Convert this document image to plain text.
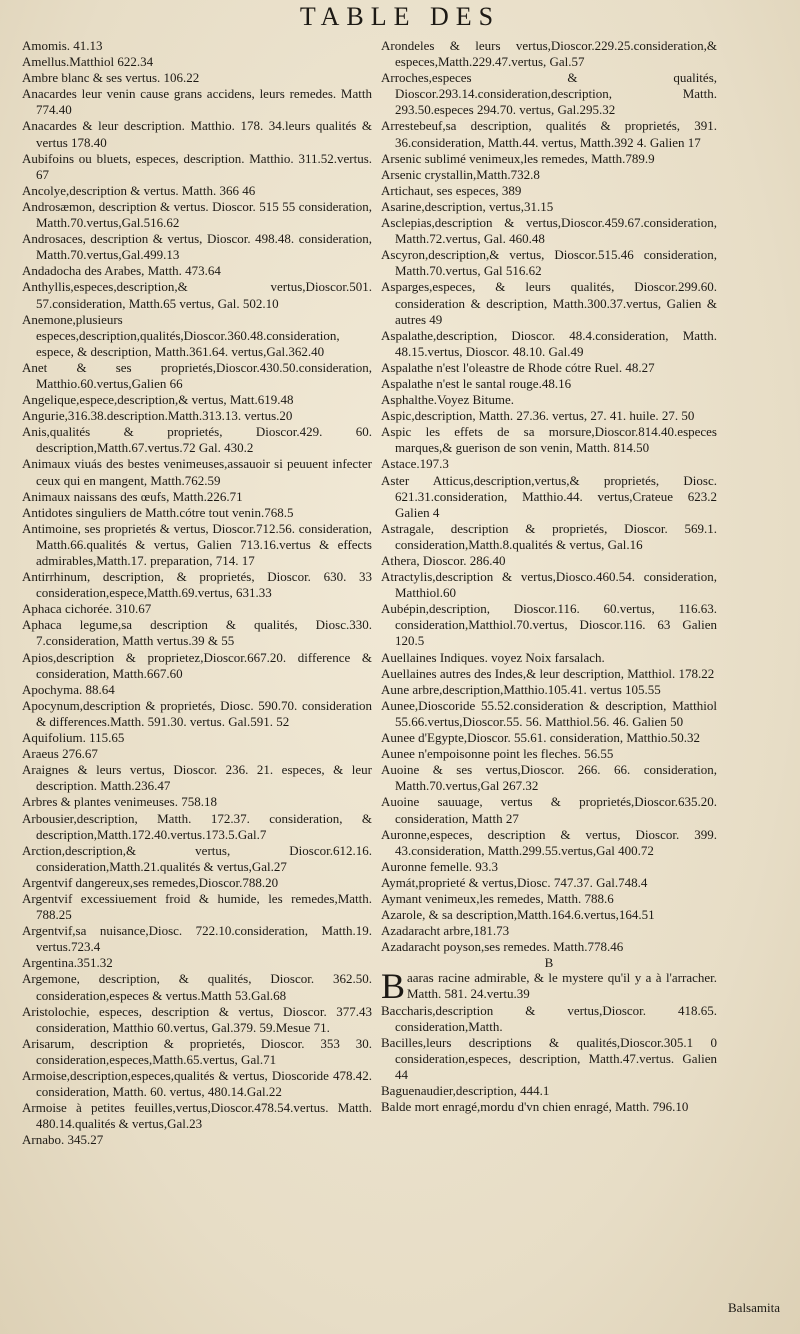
TABLE DES
Amomis. 41.13
Amellus.Matthiol 622.34
Ambre blanc & ses vertus. 106.22
Anacardes leur venin cause grans accidens, leurs remedes. Matth 774.40
Anacardes & leur description. Matthio. 178. 34.leurs qualités & vertus 178.40
Aubifoins ou bluets, especes, description. Matthio. 311.52.vertus. 67
Ancolye,description & vertus. Matth. 366 46
Androsæmon, description & vertus. Dioscor. 515 55 consideration, Matth.70.vertus,Gal.516.62
Androsaces, description & vertus, Dioscor. 498.48. consideration, Matth.70.vertus,Gal.499.13
Andadocha des Arabes, Matth. 473.64
Anthyllis,especes,description,& vertus,Dioscor.501. 57.consideration, Matth.65 vertus, Gal. 502.10
Anemone,plusieurs especes,description,qualités,Dioscor.360.48.consideration, espece, & description, Matth.361.64. vertus,Gal.362.40
Anet & ses proprietés,Dioscor.430.50.consideration, Matthio.60.vertus,Galien 66
Angelique,espece,description,& vertus, Matt.619.48
Angurie,316.38.description.Matth.313.13. vertus.20
Anis,qualités & proprietés, Dioscor.429. 60. description,Matth.67.vertus.72 Gal. 430.2
Animaux viuás des bestes venimeuses,assauoir si peuuent infecter ceux qui en mangent, Matth.762.59
Animaux naissans des œufs, Matth.226.71
Antidotes singuliers de Matth.cótre tout venin.768.5
Antimoine, ses proprietés & vertus, Dioscor.712.56. consideration, Matth.66.qualités & vertus, Galien 713.16.vertus & effects admirables,Matth.17. preparation, 714. 17
Antirrhinum, description, & proprietés, Dioscor. 630. 33 consideration,espece,Matth.69.vertus, 631.33
Aphaca cichorée. 310.67
Aphaca legume,sa description & qualités, Diosc.330. 7.consideration, Matth vertus.39 & 55
Apios,description & proprietez,Dioscor.667.20. difference & consideration, Matth.667.60
Apochyma. 88.64
Apocynum,description & proprietés, Diosc. 590.70. consideration & differences.Matth. 591.30. vertus. Gal.591. 52
Aquifolium. 115.65
Araeus 276.67
Araignes & leurs vertus, Dioscor. 236. 21. especes, & leur description. Matth.236.47
Arbres & plantes venimeuses. 758.18
Arbousier,description, Matth. 172.37. consideration, & description,Matth.172.40.vertus.173.5.Gal.7
Arction,description,& vertus, Dioscor.612.16. consideration,Matth.21.qualités & vertus,Gal.27
Argentvif dangereux,ses remedes,Dioscor.788.20
Argentvif excessiuement froid & humide, les remedes,Matth. 788.25
Argentvif,sa nuisance,Diosc. 722.10.consideration, Matth.19. vertus.723.4
Argentina.351.32
Argemone, description, & qualités, Dioscor. 362.50. consideration,especes & vertus.Matth 53.Gal.68
Aristolochie, especes, description & vertus, Dioscor. 377.43 consideration, Matthio 60.vertus, Gal.379. 59.Mesue 71.
Arisarum, description & proprietés, Dioscor. 353 30. consideration,especes,Matth.65.vertus, Gal.71
Armoise,description,especes,qualités & vertus, Dioscoride 478.42. consideration, Matth. 60. vertus, 480.14.Gal.22
Armoise à petites feuilles,vertus,Dioscor.478.54.vertus. Matth. 480.14.qualités & vertus,Gal.23
Arnabo. 345.27
Arondeles & leurs vertus,Dioscor.229.25.consideration,& especes,Matth.229.47.vertus, Gal.57
Arroches,especes & qualités, Dioscor.293.14.consideration,description, Matth. 293.50.especes 294.70. vertus, Gal.295.32
Arrestebeuf,sa description, qualités & proprietés, 391. 36.consideration, Matth.44. vertus, Matth.392 4. Galien 17
Arsenic sublimé venimeux,les remedes, Matth.789.9
Arsenic crystallin,Matth.732.8
Artichaut, ses especes, 389
Asarine,description, vertus,31.15
Asclepias,description & vertus,Dioscor.459.67.consideration, Matth.72.vertus, Gal. 460.48
Ascyron,description,& vertus, Dioscor.515.46 consideration, Matth.70.vertus, Gal 516.62
Asparges,especes, & leurs qualités, Dioscor.299.60. consideration & description, Matth.300.37.vertus, Galien & autres 49
Aspalathe,description, Dioscor. 48.4.consideration, Matth. 48.15.vertus, Dioscor. 48.10. Gal.49
Aspalathe n'est l'oleastre de Rhode cótre Ruel. 48.27
Aspalathe n'est le santal rouge.48.16
Asphalthe.Voyez Bitume.
Aspic,description, Matth. 27.36. vertus, 27. 41. huile. 27. 50
Aspic les effets de sa morsure,Dioscor.814.40.especes marques,& guerison de son venin, Matth. 814.50
Astace.197.3
Aster Atticus,description,vertus,& proprietés, Diosc. 621.31.consideration, Matthio.44. vertus,Crateue 623.2 Galien 4
Astragale, description & proprietés, Dioscor. 569.1. consideration,Matth.8.qualités & vertus, Gal.16
Athera, Dioscor. 286.40
Atractylis,description & vertus,Diosco.460.54. consideration, Matthiol.60
Aubépin,description, Dioscor.116. 60.vertus, 116.63. consideration,Matthiol.70.vertus, Dioscor.116. 63 Galien 120.5
Auellaines Indiques. voyez Noix farsalach.
Auellaines autres des Indes,& leur description, Matthiol. 178.22
Aune arbre,description,Matthio.105.41. vertus 105.55
Aunee,Dioscoride 55.52.consideration & description, Matthiol 55.66.vertus,Dioscor.55. 56. Matthiol.56. 46. Galien 50
Aunee d'Egypte,Dioscor. 55.61. consideration, Matthio.50.32
Aunee n'empoisonne point les fleches. 56.55
Auoine & ses vertus,Dioscor. 266. 66. consideration, Matth.70.vertus,Gal 267.32
Auoine sauuage, vertus & proprietés,Dioscor.635.20. consideration, Matth 27
Auronne,especes, description & vertus, Dioscor. 399. 43.consideration, Matth.299.55.vertus,Gal 400.72
Auronne femelle. 93.3
Aymát,proprieté & vertus,Diosc. 747.37. Gal.748.4
Aymant venimeux,les remedes, Matth. 788.6
Azarole, & sa description,Matth.164.6.vertus,164.51
Azadaracht arbre,181.73
Azadaracht poyson,ses remedes. Matth.778.46
B
B aaras racine admirable, & le mystere qu'il y a à l'arracher. Matth. 581. 24.vertu.39
Baccharis,description & vertus,Dioscor. 418.65. consideration,Matth.
Bacilles,leurs descriptions & qualités,Dioscor.305.1 0 consideration,especes, description, Matth.47.vertus. Galien 44
Baguenaudier,description, 444.1
Balde mort enragé,mordu d'vn chien enragé, Matth. 796.10
Balsamita
